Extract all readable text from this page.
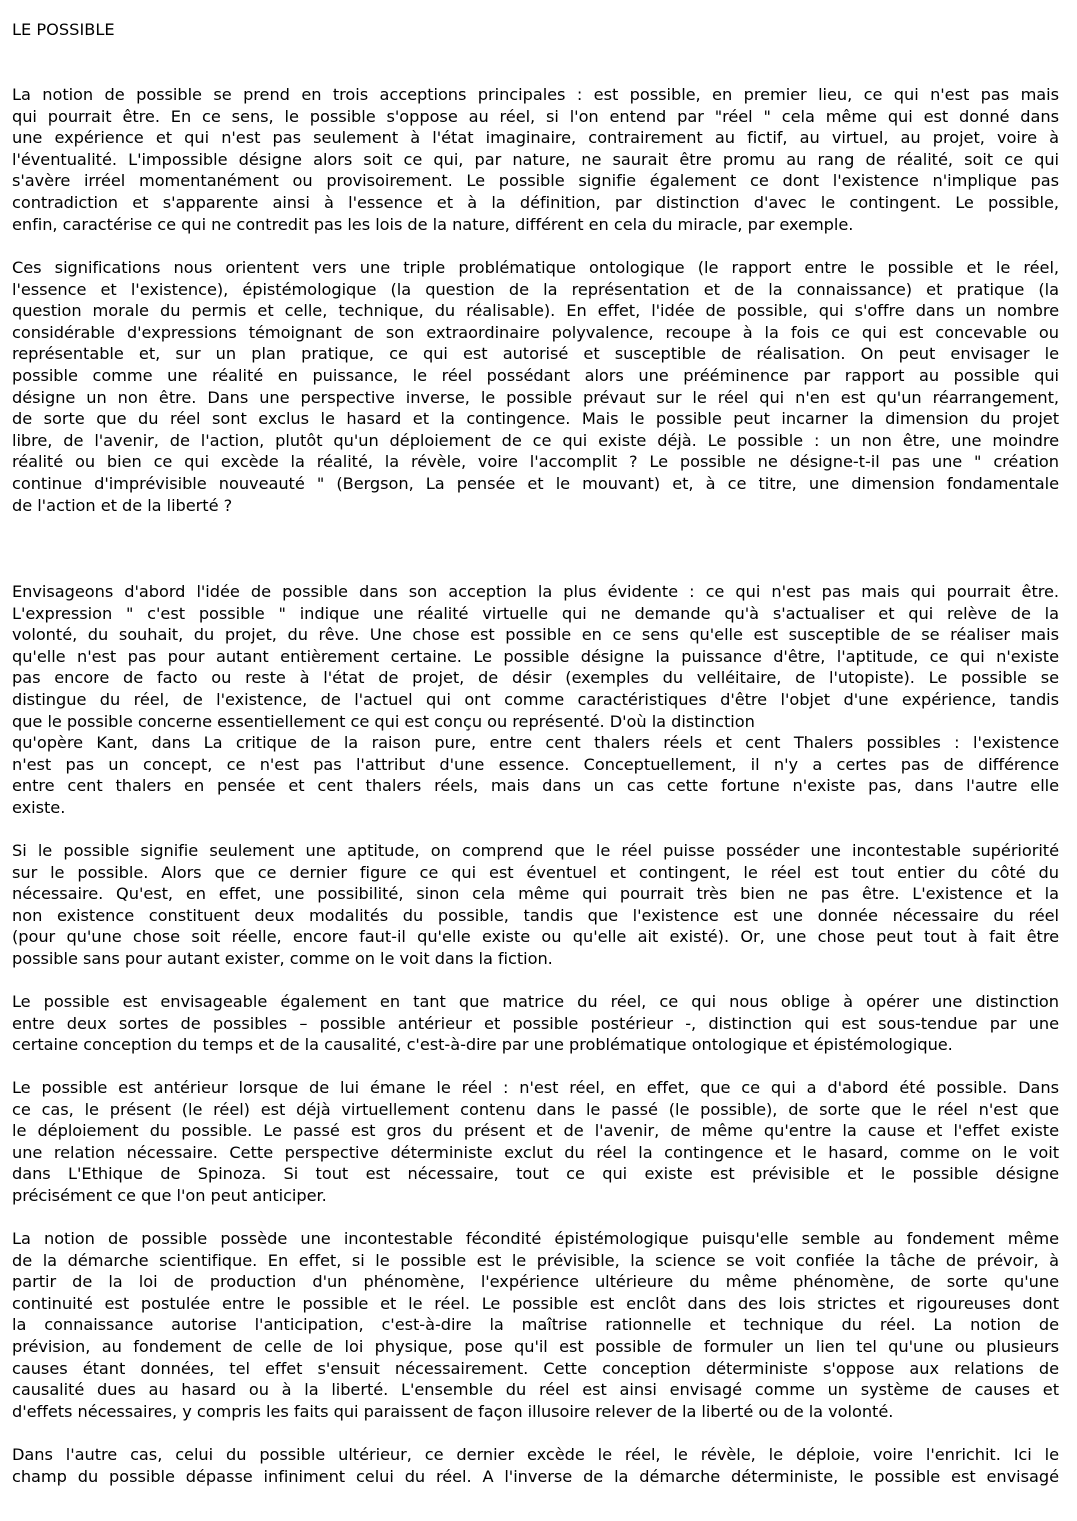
LE POSSIBLE
La notion de possible se prend en trois acceptions principales : est possible, en premier lieu, ce qui n'est pas mais
qui pourrait être. En ce sens, le possible s'oppose au réel, si l'on entend par "réel " cela même qui est donné dans
une expérience et qui n'est pas seulement à l'état imaginaire, contrairement au fictif, au virtuel, au projet, voire à
l'éventualité. L'impossible désigne alors soit ce qui, par nature, ne saurait être promu au rang de réalité, soit ce qui
s'avère irréel momentanément ou provisoirement. Le possible signifie également ce dont l'existence n'implique pas
contradiction et s'apparente ainsi à l'essence et à la définition, par distinction d'avec le contingent. Le possible,
enfin, caractérise ce qui ne contredit pas les lois de la nature, différent en cela du miracle, par exemple.
Ces significations nous orientent vers une triple problématique ontologique (le rapport entre le possible et le réel,
l'essence et l'existence), épistémologique (la question de la représentation et de la connaissance) et pratique (la
question morale du permis et celle, technique, du réalisable). En effet, l'idée de possible, qui s'offre dans un nombre
considérable d'expressions témoignant de son extraordinaire polyvalence, recoupe à la fois ce qui est concevable ou
représentable et, sur un plan pratique, ce qui est autorisé et susceptible de réalisation. On peut envisager le
possible comme une réalité en puissance, le réel possédant alors une prééminence par rapport au possible qui
désigne un non être. Dans une perspective inverse, le possible prévaut sur le réel qui n'en est qu'un réarrangement,
de sorte que du réel sont exclus le hasard et la contingence. Mais le possible peut incarner la dimension du projet
libre, de l'avenir, de l'action, plutôt qu'un déploiement de ce qui existe déjà. Le possible : un non être, une moindre
réalité ou bien ce qui excède la réalité, la révèle, voire l'accomplit ? Le possible ne désigne-t-il pas une " création
continue d'imprévisible nouveauté " (Bergson, La pensée et le mouvant) et, à ce titre, une dimension fondamentale
de l'action et de la liberté ?
Envisageons d'abord l'idée de possible dans son acception la plus évidente : ce qui n'est pas mais qui pourrait être.
L'expression " c'est possible " indique une réalité virtuelle qui ne demande qu'à s'actualiser et qui relève de la
volonté, du souhait, du projet, du rêve. Une chose est possible en ce sens qu'elle est susceptible de se réaliser mais
qu'elle n'est pas pour autant entièrement certaine. Le possible désigne la puissance d'être, l'aptitude, ce qui n'existe
pas encore de facto ou reste à l'état de projet, de désir (exemples du velléitaire, de l'utopiste). Le possible se
distingue du réel, de l'existence, de l'actuel qui ont comme caractéristiques d'être l'objet d'une expérience, tandis
que le possible concerne essentiellement ce qui est conçu ou représenté. D'où la distinction
qu'opère Kant, dans La critique de la raison pure, entre cent thalers réels et cent Thalers possibles : l'existence
n'est pas un concept, ce n'est pas l'attribut d'une essence. Conceptuellement, il n'y a certes pas de différence
entre cent thalers en pensée et cent thalers réels, mais dans un cas cette fortune n'existe pas, dans l'autre elle
existe.
Si le possible signifie seulement une aptitude, on comprend que le réel puisse posséder une incontestable supériorité
sur le possible. Alors que ce dernier figure ce qui est éventuel et contingent, le réel est tout entier du côté du
nécessaire. Qu'est, en effet, une possibilité, sinon cela même qui pourrait très bien ne pas être. L'existence et la
non existence constituent deux modalités du possible, tandis que l'existence est une donnée nécessaire du réel
(pour qu'une chose soit réelle, encore faut-il qu'elle existe ou qu'elle ait existé). Or, une chose peut tout à fait être
possible sans pour autant exister, comme on le voit dans la fiction.
Le possible est envisageable également en tant que matrice du réel, ce qui nous oblige à opérer une distinction
entre deux sortes de possibles – possible antérieur et possible postérieur -, distinction qui est sous-tendue par une
certaine conception du temps et de la causalité, c'est-à-dire par une problématique ontologique et épistémologique.
Le possible est antérieur lorsque de lui émane le réel : n'est réel, en effet, que ce qui a d'abord été possible. Dans
ce cas, le présent (le réel) est déjà virtuellement contenu dans le passé (le possible), de sorte que le réel n'est que
le déploiement du possible. Le passé est gros du présent et de l'avenir, de même qu'entre la cause et l'effet existe
une relation nécessaire. Cette perspective déterministe exclut du réel la contingence et le hasard, comme on le voit
dans L'Ethique de Spinoza. Si tout est nécessaire, tout ce qui existe est prévisible et le possible désigne
précisément ce que l'on peut anticiper.
La notion de possible possède une incontestable fécondité épistémologique puisqu'elle semble au fondement même
de la démarche scientifique. En effet, si le possible est le prévisible, la science se voit confiée la tâche de prévoir, à
partir de la loi de production d'un phénomène, l'expérience ultérieure du même phénomène, de sorte qu'une
continuité est postulée entre le possible et le réel. Le possible est enclôt dans des lois strictes et rigoureuses dont
la connaissance autorise l'anticipation, c'est-à-dire la maîtrise rationnelle et technique du réel. La notion de
prévision, au fondement de celle de loi physique, pose qu'il est possible de formuler un lien tel qu'une ou plusieurs
causes étant données, tel effet s'ensuit nécessairement. Cette conception déterministe s'oppose aux relations de
causalité dues au hasard ou à la liberté. L'ensemble du réel est ainsi envisagé comme un système de causes et
d'effets nécessaires, y compris les faits qui paraissent de façon illusoire relever de la liberté ou de la volonté.
Dans l'autre cas, celui du possible ultérieur, ce dernier excède le réel, le révèle, le déploie, voire l'enrichit. Ici le
champ du possible dépasse infiniment celui du réel. A l'inverse de la démarche déterministe, le possible est envisagé
